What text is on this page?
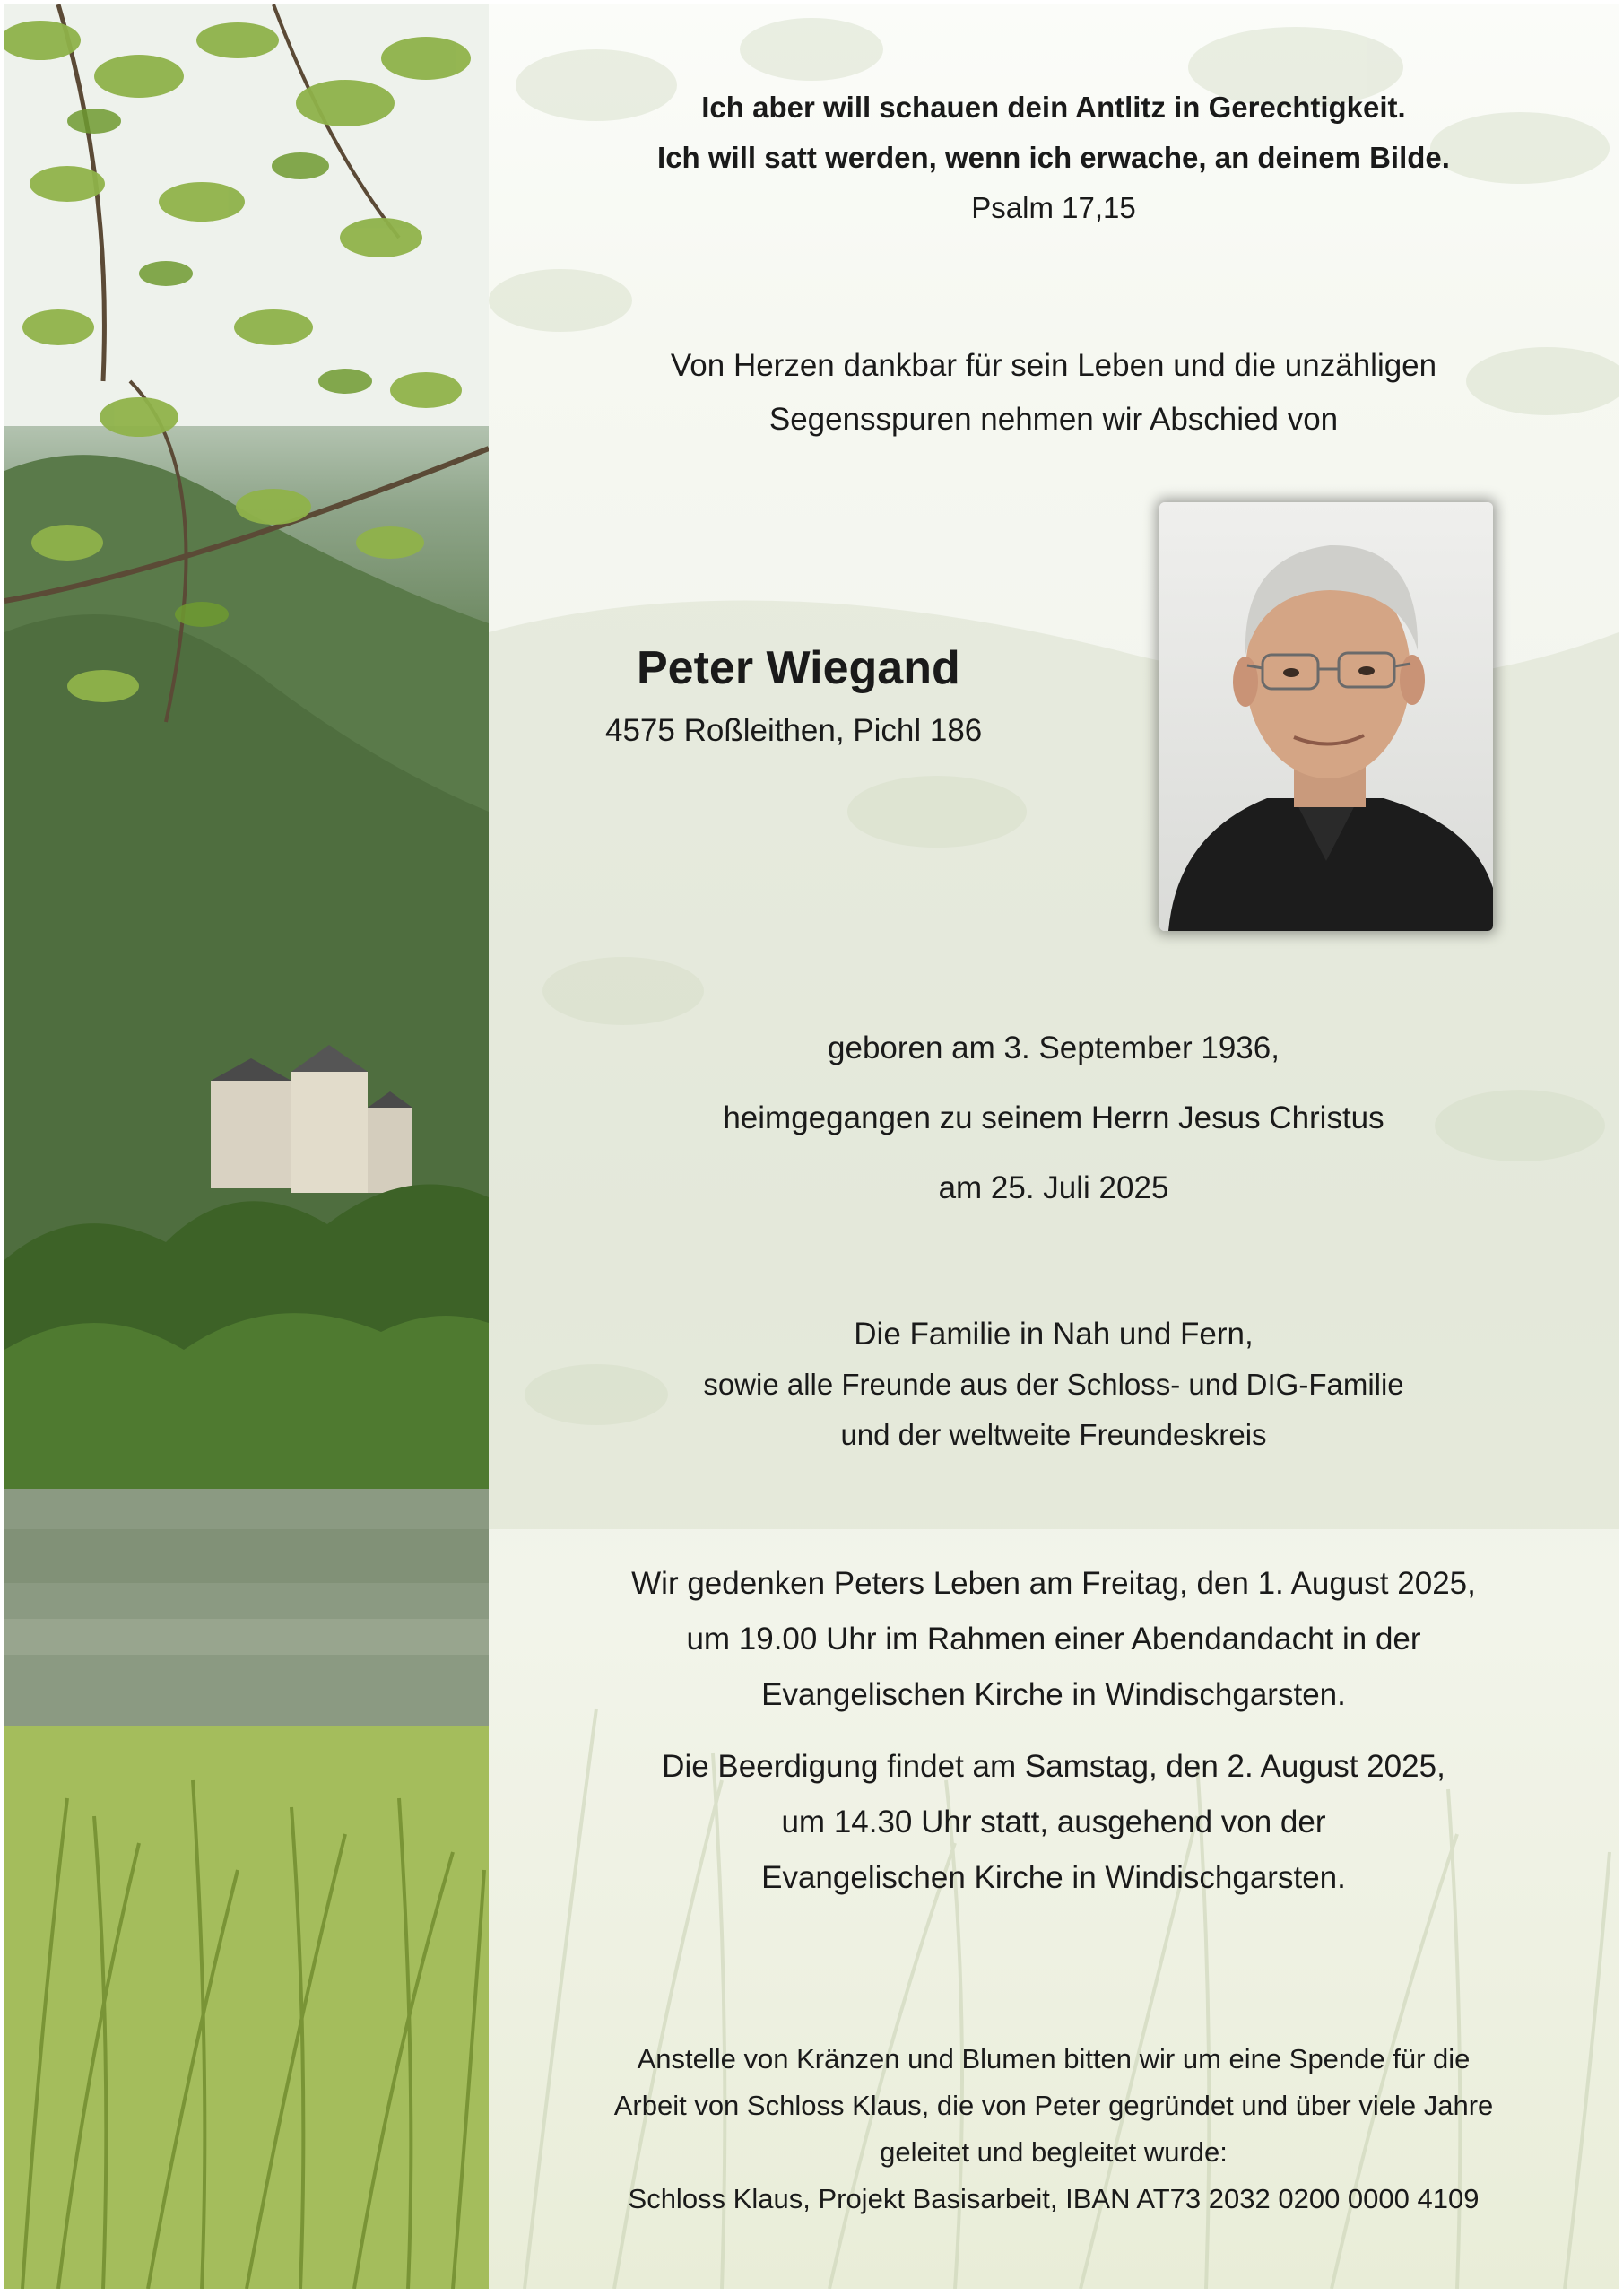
Ich aber will schauen dein Antlitz in Gerechtigkeit.
Ich will satt werden, wenn ich erwache, an deinem Bilde.
Psalm 17,15
Von Herzen dankbar für sein Leben und die unzähligen
Segensspuren nehmen wir Abschied von
Peter Wiegand
4575 Roßleithen, Pichl 186
geboren am 3. September 1936,
heimgegangen zu seinem Herrn Jesus Christus
am 25. Juli 2025
Die Familie in Nah und Fern,
sowie alle Freunde aus der Schloss- und DIG-Familie
und der weltweite Freundeskreis
Wir gedenken Peters Leben am Freitag, den 1. August 2025,
um 19.00 Uhr im Rahmen einer Abendandacht in der
Evangelischen Kirche in Windischgarsten.
Die Beerdigung findet am Samstag, den 2. August 2025,
um 14.30 Uhr statt, ausgehend von der
Evangelischen Kirche in Windischgarsten.
Anstelle von Kränzen und Blumen bitten wir um eine Spende für die
Arbeit von Schloss Klaus, die von Peter gegründet und über viele Jahre
geleitet und begleitet wurde:
Schloss Klaus, Projekt Basisarbeit, IBAN AT73 2032 0200 0000 4109
